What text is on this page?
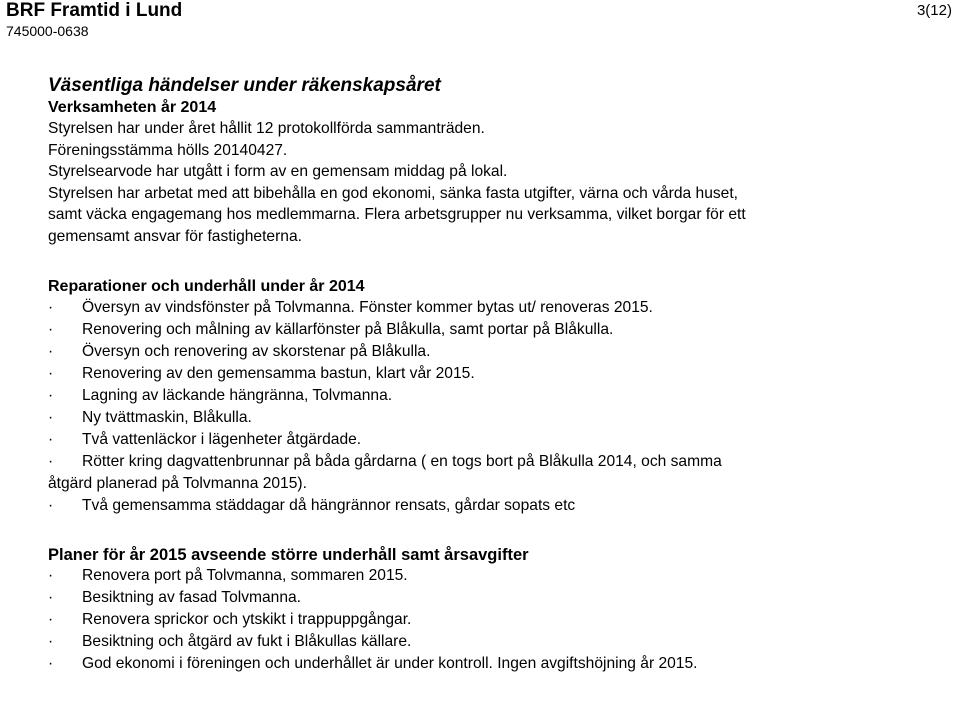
BRF Framtid i Lund
745000-0638
3(12)
Väsentliga händelser under räkenskapsåret
Verksamheten år 2014

Styrelsen har under året hållit 12 protokollförda sammanträden.

Föreningsstämma hölls 20140427.

Styrelsearvode har utgått i form av en gemensam middag på lokal.

Styrelsen har arbetat med att bibehålla en god ekonomi, sänka fasta utgifter, värna och vårda huset,

samt väcka engagemang hos medlemmarna. Flera arbetsgrupper nu verksamma, vilket borgar för ett

gemensamt ansvar för fastigheterna.

Reparationer och underhåll under år 2014
· Översyn av vindsfönster på Tolvmanna. Fönster kommer bytas ut/ renoveras 2015.
· Renovering och målning av källarfönster på Blåkulla, samt portar på Blåkulla.
· Översyn och renovering av skorstenar på Blåkulla.
· Renovering av den gemensamma bastun, klart vår 2015.
· Lagning av läckande hängränna, Tolvmanna.
· Ny tvättmaskin, Blåkulla.
· Två vattenläckor i lägenheter åtgärdade.
· Rötter kring dagvattenbrunnar på båda gårdarna ( en togs bort på Blåkulla 2014, och samma
åtgärd planerad på Tolvmanna 2015).
· Två gemensamma städdagar då hängrännor rensats, gårdar sopats etc
Planer för år 2015 avseende större underhåll samt årsavgifter
· Renovera port på Tolvmanna, sommaren 2015.
· Besiktning av fasad Tolvmanna.
· Renovera sprickor och ytskikt i trappuppgångar.
· Besiktning och åtgärd av fukt i Blåkullas källare.
· God ekonomi i föreningen och underhållet är under kontroll. Ingen avgiftshöjning år 2015.
